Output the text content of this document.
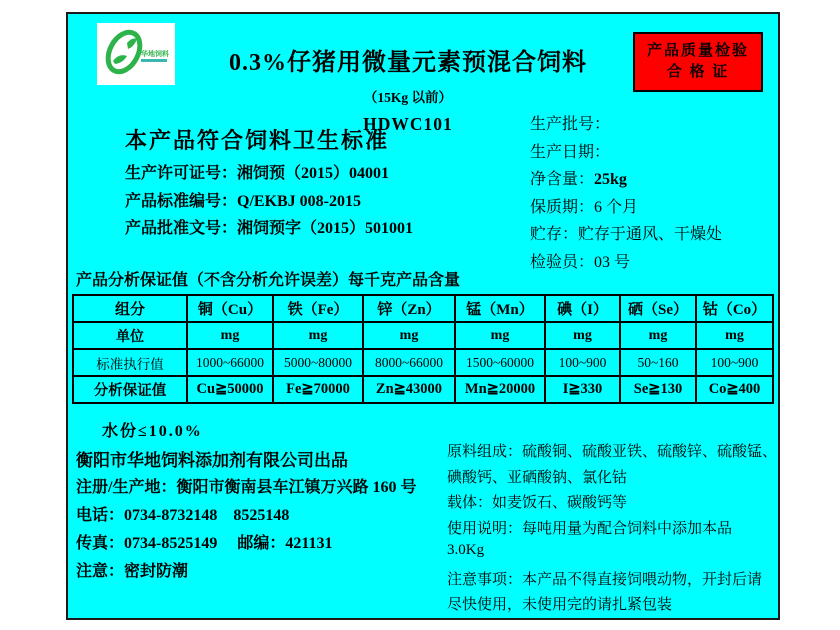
华地饲料	0.3%仔猪用微量元素预混合饲料
（15Kg 以前）
HDWC101
产品质量检验
合 格 证
本产品符合饲料卫生标准
生产许可证号：湘饲预（2015）04001
产品标准编号：Q/EKBJ 008-2015
产品批准文号：湘饲预字（2015）501001
生产批号：
生产日期：
净含量：25kg
保质期：6 个月
贮存：贮存于通风、干燥处
检验员：03 号
产品分析保证值（不含分析允许误差）每千克产品含量
组分	铜（Cu）	铁（Fe）	锌（Zn）	锰（Mn）	碘（I）	硒（Se）	钴（Co）
单位	mg	mg	mg	mg	mg	mg	mg
标准执行值	1000~66000	5000~80000	8000~66000	1500~60000	100~900	50~160	100~900
分析保证值	Cu≧50000	Fe≧70000	Zn≧43000	Mn≧20000	I≧330	Se≧130	Co≧400
水份≤10.0%
衡阳市华地饲料添加剂有限公司出品
注册/生产地：衡阳市衡南县车江镇万兴路 160 号
电话：0734-8732148    8525148
传真：0734-8525149     邮编：421131
注意：密封防潮
原料组成：硫酸铜、硫酸亚铁、硫酸锌、硫酸锰、
碘酸钙、亚硒酸钠、氯化钴
载体：如麦饭石、碳酸钙等
使用说明：每吨用量为配合饲料中添加本品
3.0Kg
注意事项：本产品不得直接饲喂动物，开封后请
尽快使用，未使用完的请扎紧包装
